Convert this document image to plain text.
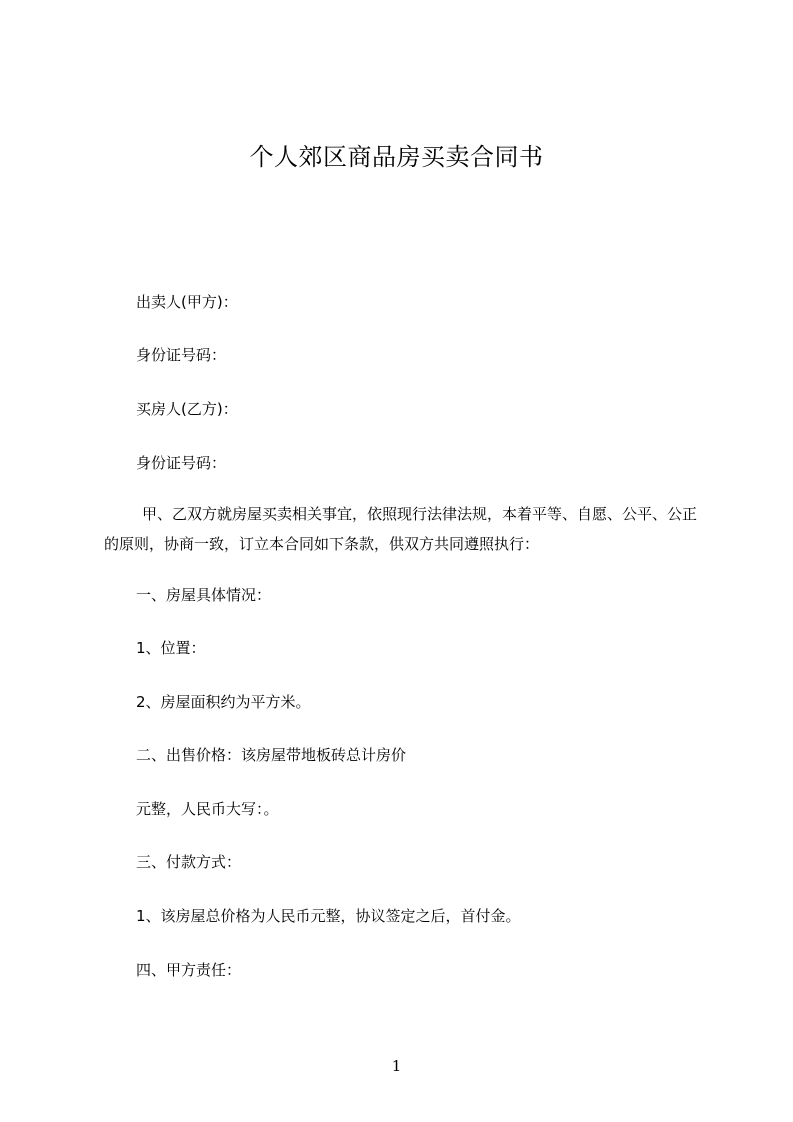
个人郊区商品房买卖合同书

出卖人(甲方)：

身份证号码：

买房人(乙方)：

身份证号码：

甲、乙双方就房屋买卖相关事宜，依照现行法律法规，本着平等、自愿、公平、公正的原则，协商一致，订立本合同如下条款，供双方共同遵照执行：

一、房屋具体情况：

1、位置：

2、房屋面积约为平方米。

二、出售价格：该房屋带地板砖总计房价

元整，人民币大写：。

三、付款方式：

1、该房屋总价格为人民币元整，协议签定之后，首付金。

四、甲方责任：

1
